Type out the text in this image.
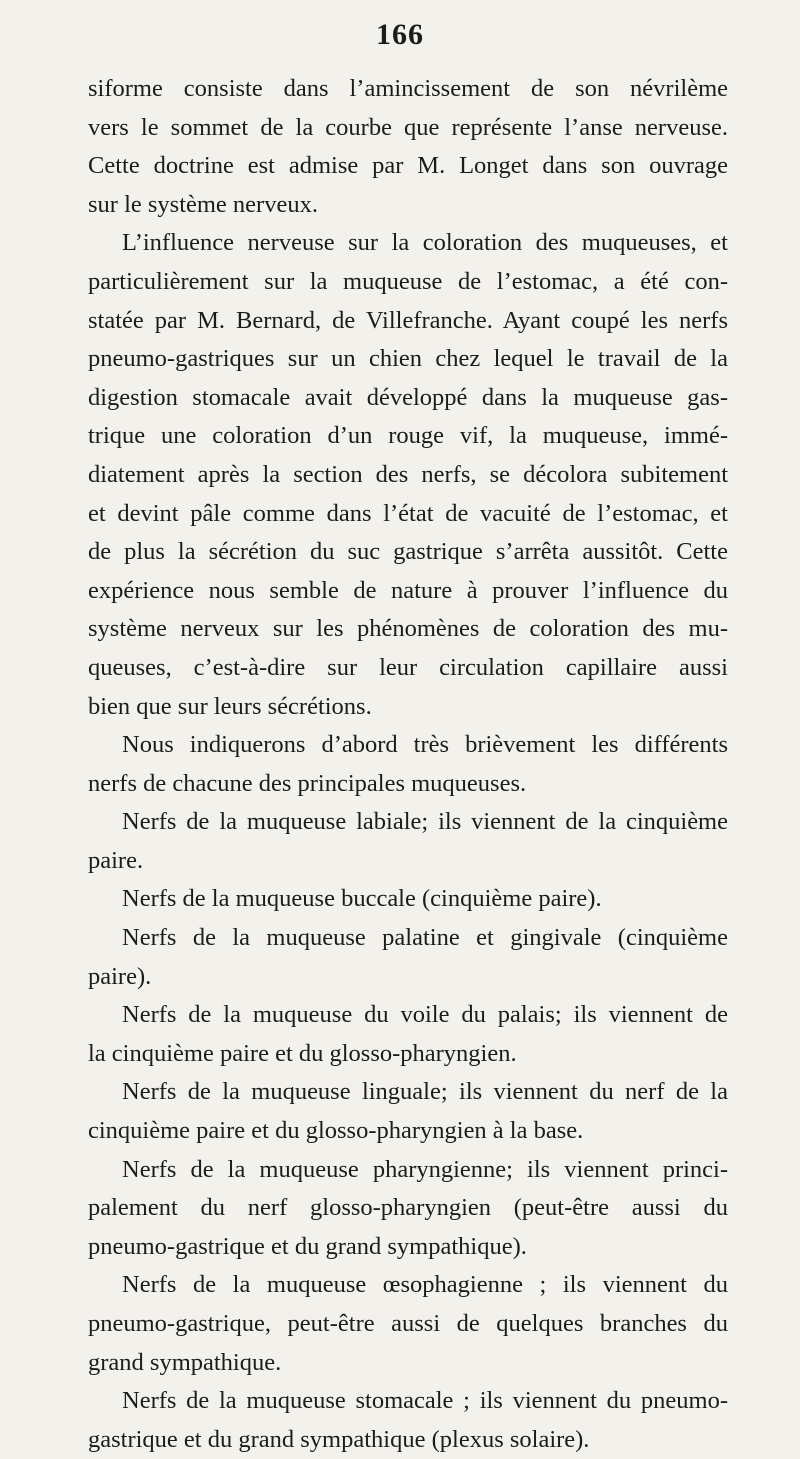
166
siforme consiste dans l’amincissement de son névrilème
vers le sommet de la courbe que représente l’anse nerveuse.
Cette doctrine est admise par M. Longet dans son ouvrage
sur le système nerveux.
L’influence nerveuse sur la coloration des muqueuses, et
particulièrement sur la muqueuse de l’estomac, a été con-
statée par M. Bernard, de Villefranche. Ayant coupé les nerfs
pneumo-gastriques sur un chien chez lequel le travail de la
digestion stomacale avait développé dans la muqueuse gas-
trique une coloration d’un rouge vif, la muqueuse, immé-
diatement après la section des nerfs, se décolora subitement
et devint pâle comme dans l’état de vacuité de l’estomac, et
de plus la sécrétion du suc gastrique s’arrêta aussitôt. Cette
expérience nous semble de nature à prouver l’influence du
système nerveux sur les phénomènes de coloration des mu-
queuses, c’est-à-dire sur leur circulation capillaire aussi
bien que sur leurs sécrétions.
Nous indiquerons d’abord très brièvement les différents
nerfs de chacune des principales muqueuses.
Nerfs de la muqueuse labiale; ils viennent de la cinquième
paire.
Nerfs de la muqueuse buccale (cinquième paire).
Nerfs de la muqueuse palatine et gingivale (cinquième
paire).
Nerfs de la muqueuse du voile du palais; ils viennent de
la cinquième paire et du glosso-pharyngien.
Nerfs de la muqueuse linguale; ils viennent du nerf de la
cinquième paire et du glosso-pharyngien à la base.
Nerfs de la muqueuse pharyngienne; ils viennent princi-
palement du nerf glosso-pharyngien (peut-être aussi du
pneumo-gastrique et du grand sympathique).
Nerfs de la muqueuse œsophagienne ; ils viennent du
pneumo-gastrique, peut-être aussi de quelques branches du
grand sympathique.
Nerfs de la muqueuse stomacale ; ils viennent du pneumo-
gastrique et du grand sympathique (plexus solaire).
